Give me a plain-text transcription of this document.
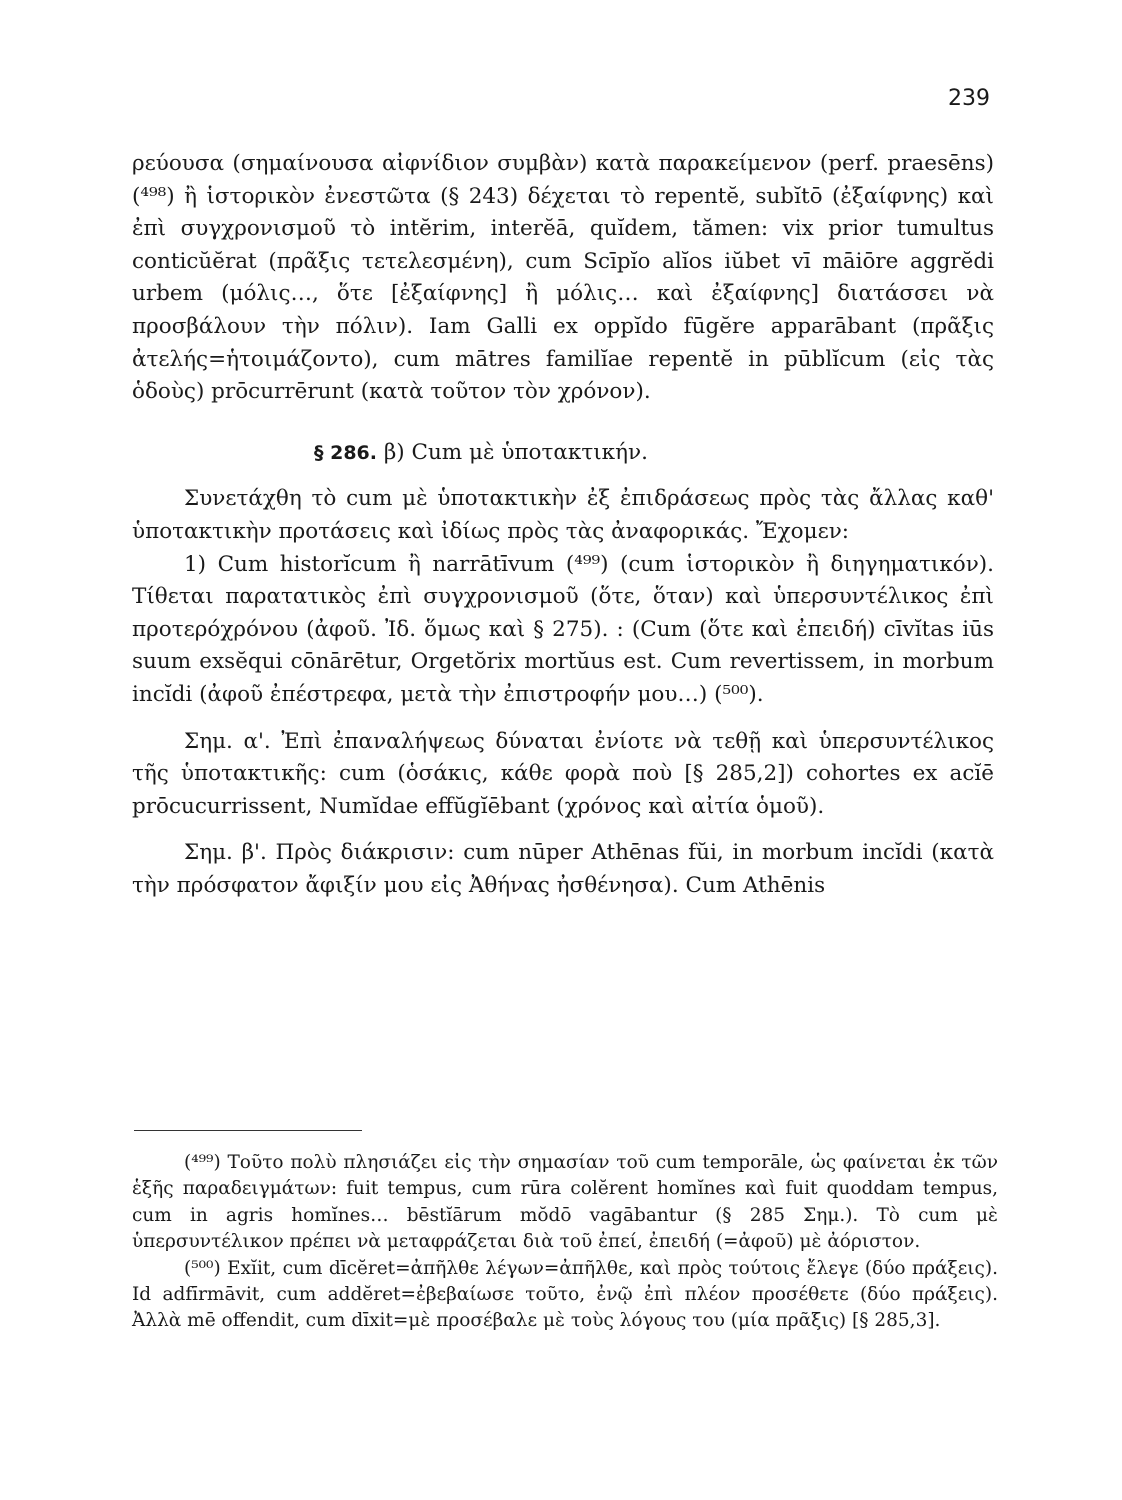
239

ρεύουσα (σημαίνουσα αἰφνίδιον συμβὰν) κατὰ παρακείμενον (perf. praesēns)(⁴⁹⁸) ἢ ἱστορικὸν ἐνεστῶτα (§ 243) δέχεται τὸ repentĕ, subĭtō (ἐξαίφνης) καὶ ἐπὶ συγχρονισμοῦ τὸ intĕrim, interĕā, quĭdem, tămen: vix prior tumultus conticŭĕrat (πρᾶξις τετελεσμένη), cum Scīpĭo alĭos iŭbet vī māiōre aggrĕdi urbem (μόλις…, ὅτε [ἐξαίφνης] ἢ μόλις… καὶ ἐξαίφνης] διατάσσει νὰ προσβάλουν τὴν πόλιν). Iam Galli ex oppĭdo fūgĕre apparābant (πρᾶξις ἀτελής=ἡτοιμάζοντο), cum mātres familĭae repentĕ in pūblĭcum (εἰς τὰς ὁδοὺς) prōcurrērunt (κατὰ τοῦτον τὸν χρόνον).

§ 286. β) Cum μὲ ὑποτακτικήν.

Συνετάχθη τὸ cum μὲ ὑποτακτικὴν ἐξ ἐπιδράσεως πρὸς τὰς ἄλλας καθ' ὑποτακτικὴν προτάσεις καὶ ἰδίως πρὸς τὰς ἀναφορικάς. Ἔχομεν:

1) Cum historĭcum ἢ narrātīvum (⁴⁹⁹) (cum ἱστορικὸν ἢ διηγηματικόν). Τίθεται παρατατικὸς ἐπὶ συγχρονισμοῦ (ὅτε, ὅταν) καὶ ὑπερσυντέλικος ἐπὶ προτερόχρόνου (ἀφοῦ. Ἰδ. ὅμως καὶ § 275). : (Cum (ὅτε καὶ ἐπειδή) cīvĭtas iūs suum exsĕqui cōnārētur, Orgetŏrix mortŭus est. Cum revertissem, in morbum incĭdi (ἀφοῦ ἐπέστρεφα, μετὰ τὴν ἐπιστροφήν μου…) (⁵⁰⁰).

Σημ. α'. Ἐπὶ ἐπαναλήψεως δύναται ἐνίοτε νὰ τεθῇ καὶ ὑπερσυντέλικος τῆς ὑποτακτικῆς: cum (ὁσάκις, κάθε φορὰ ποὺ [§ 285,2]) cohortes ex acĭē prōcucurrissent, Numĭdae effŭgĭēbant (χρόνος καὶ αἰτία ὁμοῦ).

Σημ. β'. Πρὸς διάκρισιν: cum nūper Athēnas fŭi, in morbum incĭdi (κατὰ τὴν πρόσφατον ἄφιξίν μου εἰς Ἀθήνας ἠσθένησα). Cum Athēnis

(⁴⁹⁹) Τοῦτο πολὺ πλησιάζει εἰς τὴν σημασίαν τοῦ cum temporāle, ὡς φαίνεται ἐκ τῶν ἑξῆς παραδειγμάτων: fuit tempus, cum rūra colĕrent homĭnes καὶ fuit quoddam tempus, cum in agris homĭnes… bēstĭārum mŏdō vagābantur (§ 285 Σημ.). Τὸ cum μὲ ὑπερσυντέλικον πρέπει νὰ μεταφράζεται διὰ τοῦ ἐπεί, ἐπειδή (=ἀφοῦ) μὲ ἀόριστον.

(⁵⁰⁰) Exĭit, cum dīcĕret=ἀπῆλθε λέγων=ἀπῆλθε, καὶ πρὸς τούτοις ἔλεγε (δύο πράξεις). Id adfīrmāvit, cum addĕret=ἐβεβαίωσε τοῦτο, ἐνῷ ἐπὶ πλέον προσέθετε (δύο πράξεις). Ἀλλὰ mē offendit, cum dīxit=μὲ προσέβαλε μὲ τοὺς λόγους του (μία πρᾶξις) [§ 285,3].
